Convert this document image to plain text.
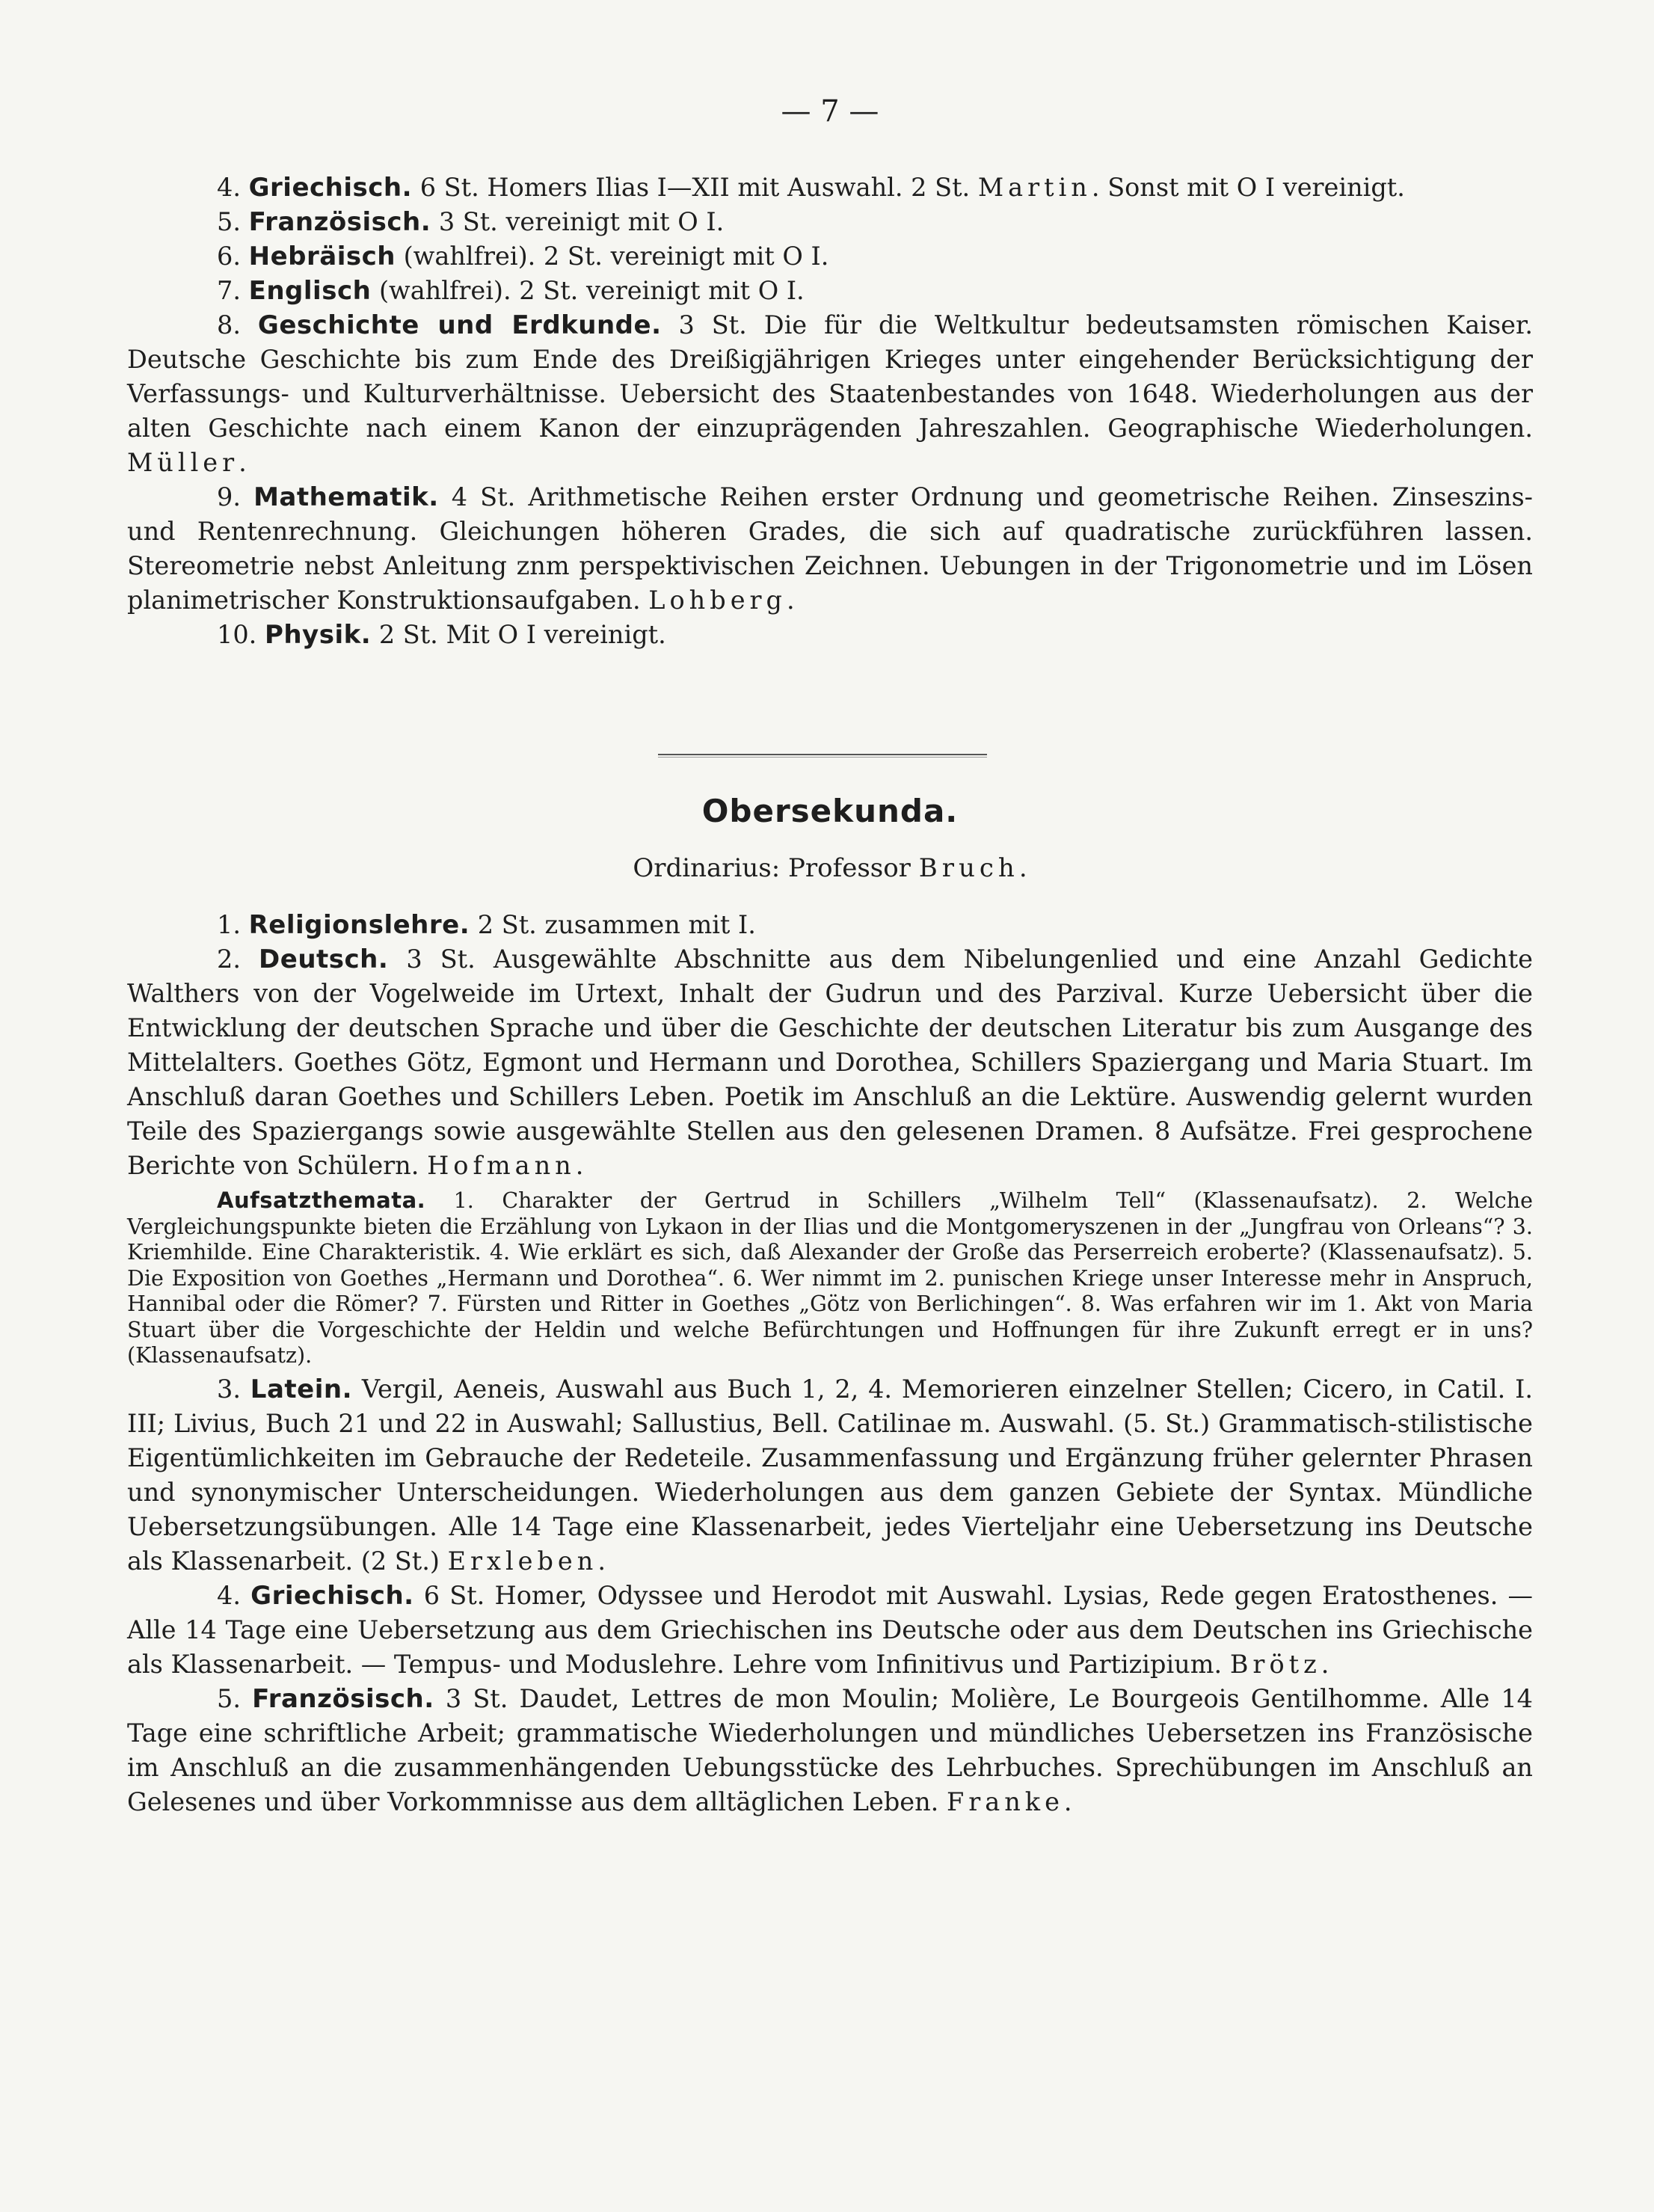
— 7 —

4. Griechisch. 6 St. Homers Ilias I—XII mit Auswahl. 2 St. Martin. Sonst mit O I vereinigt.

5. Französisch. 3 St. vereinigt mit O I.

6. Hebräisch (wahlfrei). 2 St. vereinigt mit O I.

7. Englisch (wahlfrei). 2 St. vereinigt mit O I.

8. Geschichte und Erdkunde. 3 St. Die für die Weltkultur bedeutsamsten römischen Kaiser. Deutsche Geschichte bis zum Ende des Dreißigjährigen Krieges unter eingehender Berücksichtigung der Verfassungs- und Kulturverhältnisse. Uebersicht des Staatenbestandes von 1648. Wiederholungen aus der alten Geschichte nach einem Kanon der einzuprägenden Jahreszahlen. Geographische Wiederholungen. Müller.

9. Mathematik. 4 St. Arithmetische Reihen erster Ordnung und geometrische Reihen. Zinseszins- und Rentenrechnung. Gleichungen höheren Grades, die sich auf quadratische zurückführen lassen. Stereometrie nebst Anleitung znm perspektivischen Zeichnen. Uebungen in der Trigonometrie und im Lösen planimetrischer Konstruktionsaufgaben. Lohberg.

10. Physik. 2 St. Mit O I vereinigt.

Obersekunda.
Ordinarius: Professor Bruch.

1. Religionslehre. 2 St. zusammen mit I.

2. Deutsch. 3 St. Ausgewählte Abschnitte aus dem Nibelungenlied und eine Anzahl Gedichte Walthers von der Vogelweide im Urtext, Inhalt der Gudrun und des Parzival. Kurze Uebersicht über die Entwicklung der deutschen Sprache und über die Geschichte der deutschen Literatur bis zum Ausgange des Mittelalters. Goethes Götz, Egmont und Hermann und Dorothea, Schillers Spaziergang und Maria Stuart. Im Anschluß daran Goethes und Schillers Leben. Poetik im Anschluß an die Lektüre. Auswendig gelernt wurden Teile des Spaziergangs sowie ausgewählte Stellen aus den gelesenen Dramen. 8 Aufsätze. Frei gesprochene Berichte von Schülern. Hofmann.

Aufsatzthemata. 1. Charakter der Gertrud in Schillers „Wilhelm Tell“ (Klassenaufsatz). 2. Welche Vergleichungspunkte bieten die Erzählung von Lykaon in der Ilias und die Montgomeryszenen in der „Jungfrau von Orleans“? 3. Kriemhilde. Eine Charakteristik. 4. Wie erklärt es sich, daß Alexander der Große das Perserreich eroberte? (Klassenaufsatz). 5. Die Exposition von Goethes „Hermann und Dorothea“. 6. Wer nimmt im 2. punischen Kriege unser Interesse mehr in Anspruch, Hannibal oder die Römer? 7. Fürsten und Ritter in Goethes „Götz von Berlichingen“. 8. Was erfahren wir im 1. Akt von Maria Stuart über die Vorgeschichte der Heldin und welche Befürchtungen und Hoffnungen für ihre Zukunft erregt er in uns? (Klassenaufsatz).

3. Latein. Vergil, Aeneis, Auswahl aus Buch 1, 2, 4. Memorieren einzelner Stellen; Cicero, in Catil. I. III; Livius, Buch 21 und 22 in Auswahl; Sallustius, Bell. Catilinae m. Auswahl. (5. St.) Grammatisch-stilistische Eigentümlichkeiten im Gebrauche der Redeteile. Zusammenfassung und Ergänzung früher gelernter Phrasen und synonymischer Unterscheidungen. Wiederholungen aus dem ganzen Gebiete der Syntax. Mündliche Uebersetzungsübungen. Alle 14 Tage eine Klassenarbeit, jedes Vierteljahr eine Uebersetzung ins Deutsche als Klassenarbeit. (2 St.) Erxleben.

4. Griechisch. 6 St. Homer, Odyssee und Herodot mit Auswahl. Lysias, Rede gegen Eratosthenes. — Alle 14 Tage eine Uebersetzung aus dem Griechischen ins Deutsche oder aus dem Deutschen ins Griechische als Klassenarbeit. — Tempus- und Moduslehre. Lehre vom Infinitivus und Partizipium. Brötz.

5. Französisch. 3 St. Daudet, Lettres de mon Moulin; Molière, Le Bourgeois Gentilhomme. Alle 14 Tage eine schriftliche Arbeit; grammatische Wiederholungen und mündliches Uebersetzen ins Französische im Anschluß an die zusammenhängenden Uebungsstücke des Lehrbuches. Sprechübungen im Anschluß an Gelesenes und über Vorkommnisse aus dem alltäglichen Leben. Franke.
